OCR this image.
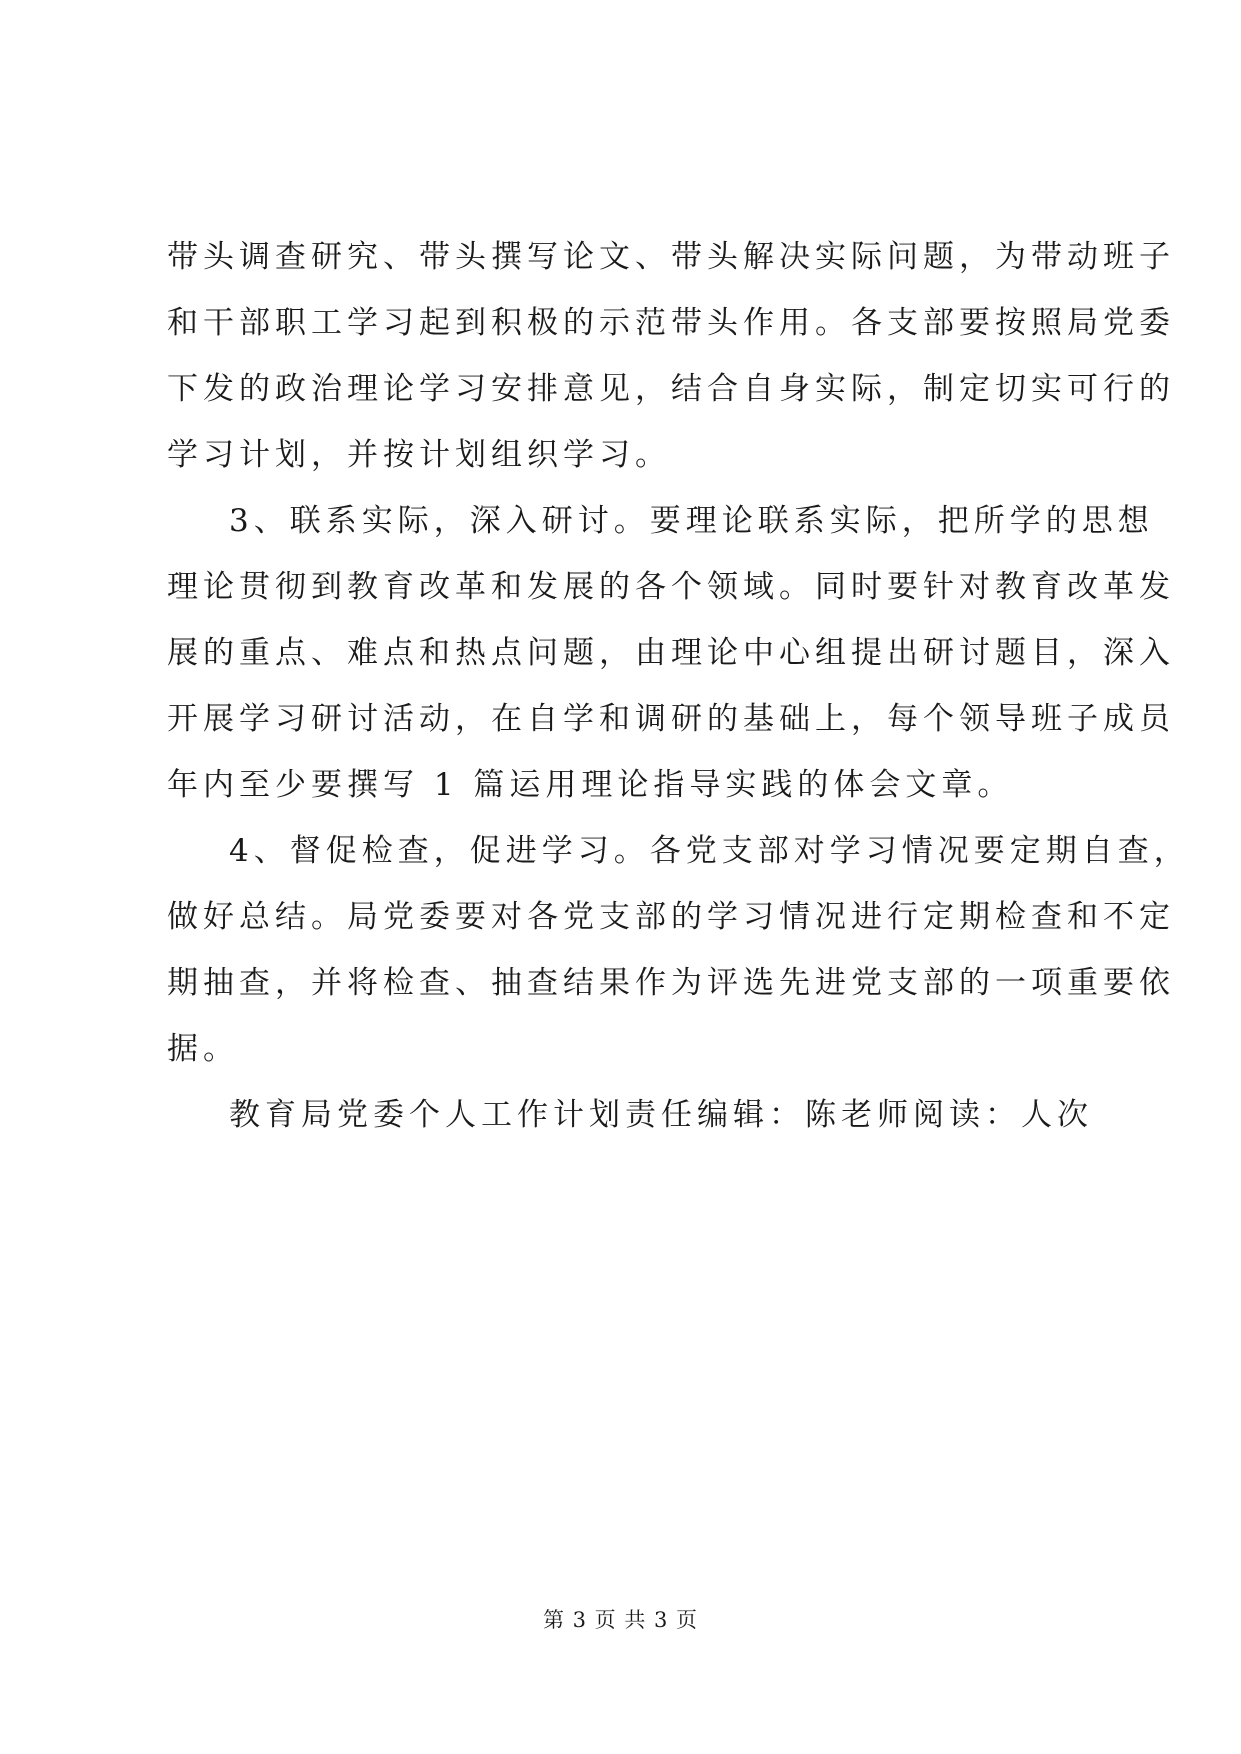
带头调查研究、带头撰写论文、带头解决实际问题，为带动班子
和干部职工学习起到积极的示范带头作用。各支部要按照局党委
下发的政治理论学习安排意见，结合自身实际，制定切实可行的
学习计划，并按计划组织学习。
3、联系实际，深入研讨。要理论联系实际，把所学的思想
理论贯彻到教育改革和发展的各个领域。同时要针对教育改革发
展的重点、难点和热点问题，由理论中心组提出研讨题目，深入
开展学习研讨活动，在自学和调研的基础上，每个领导班子成员
年内至少要撰写 1 篇运用理论指导实践的体会文章。
4、督促检查，促进学习。各党支部对学习情况要定期自查，
做好总结。局党委要对各党支部的学习情况进行定期检查和不定
期抽查，并将检查、抽查结果作为评选先进党支部的一项重要依
据。
教育局党委个人工作计划责任编辑：陈老师阅读：人次
第 3 页 共 3 页
